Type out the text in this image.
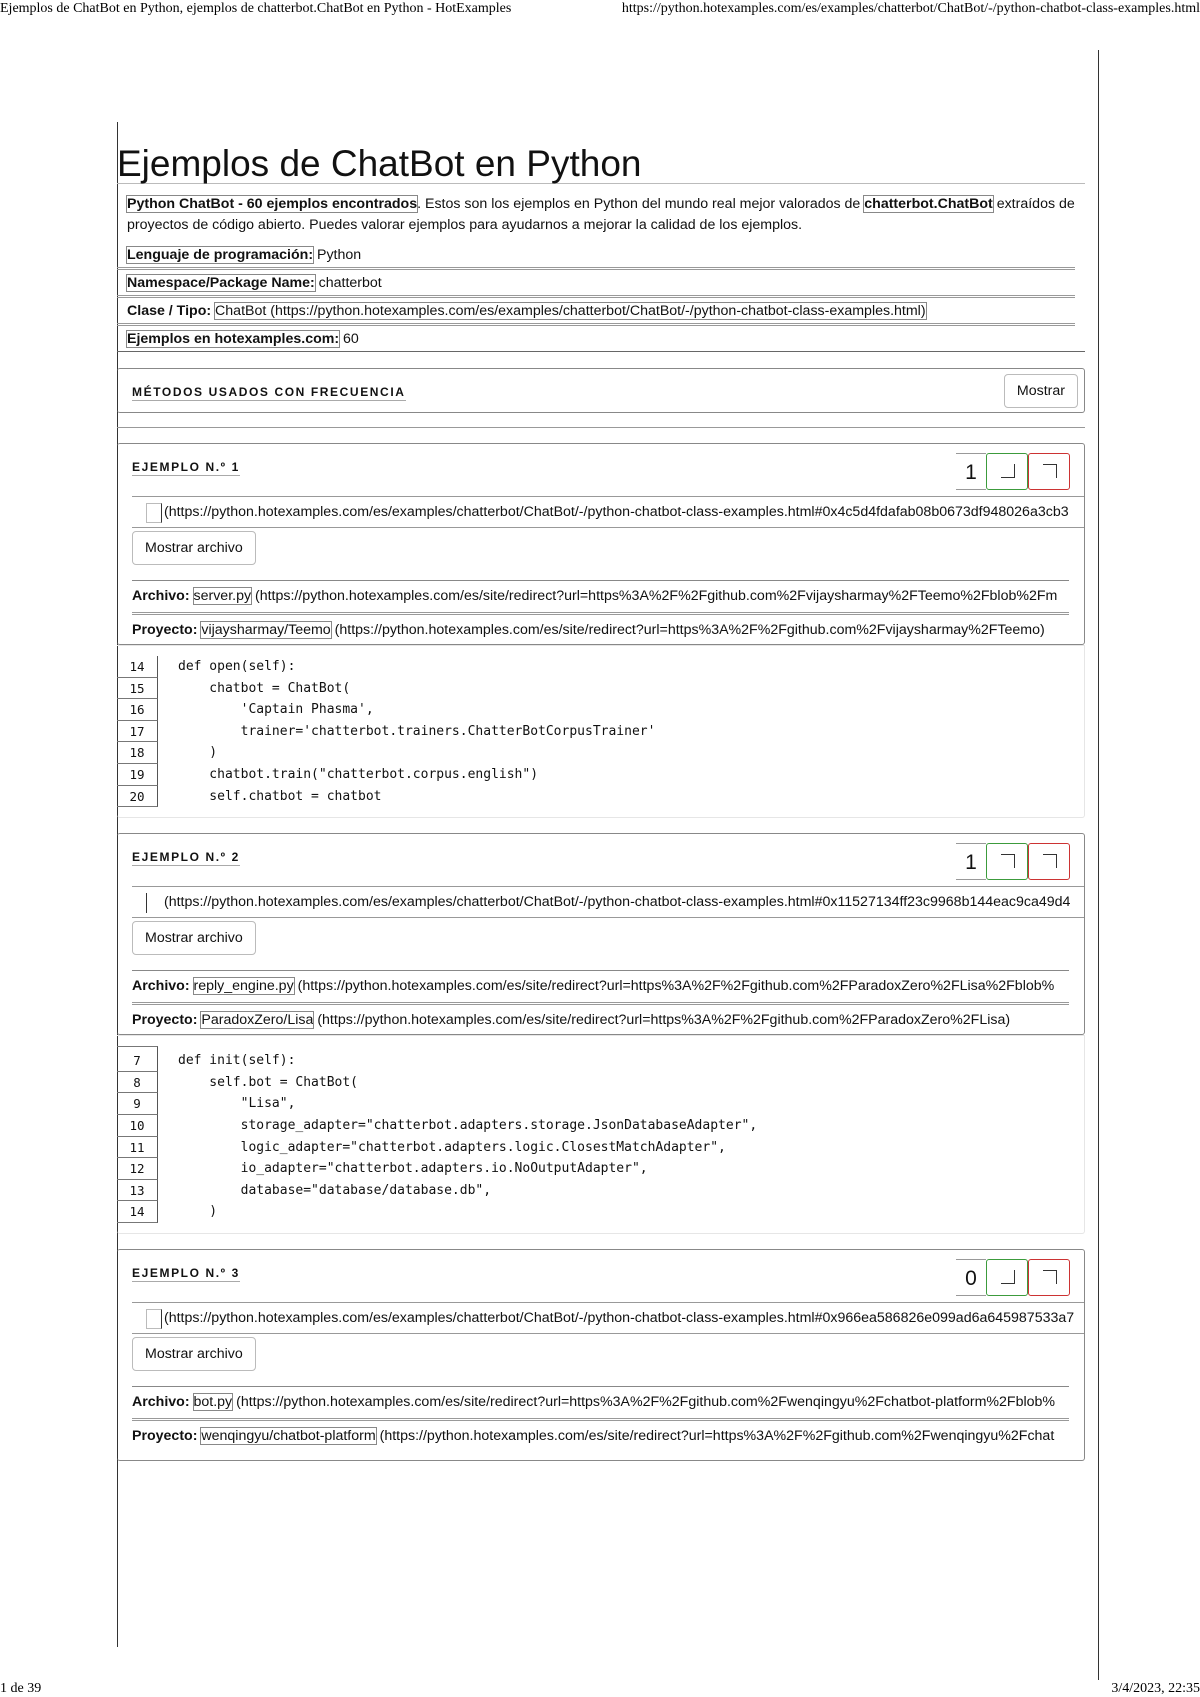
Ejemplos de ChatBot en Python, ejemplos de chatterbot.ChatBot en Python - HotExamples	https://python.hotexamples.com/es/examples/chatterbot/ChatBot/-/python-chatbot-class-examples.html
Ejemplos de ChatBot en Python
Python ChatBot - 60 ejemplos encontrados. Estos son los ejemplos en Python del mundo real mejor valorados de chatterbot.ChatBot extraídos de proyectos de código abierto. Puedes valorar ejemplos para ayudarnos a mejorar la calidad de los ejemplos.
Lenguaje de programación: Python
Namespace/Package Name: chatterbot
Clase / Tipo: ChatBot (https://python.hotexamples.com/es/examples/chatterbot/ChatBot/-/python-chatbot-class-examples.html)
Ejemplos en hotexamples.com: 60
MÉTODOS USADOS CON FRECUENCIA	Mostrar
EJEMPLO N.º 1	1
(https://python.hotexamples.com/es/examples/chatterbot/ChatBot/-/python-chatbot-class-examples.html#0x4c5d4fdafab08b0673df948026a3cb3
Mostrar archivo
Archivo: server.py (https://python.hotexamples.com/es/site/redirect?url=https%3A%2F%2Fgithub.com%2Fvijaysharmay%2FTeemo%2Fblob%2Fm
Proyecto: vijaysharmay/Teemo (https://python.hotexamples.com/es/site/redirect?url=https%3A%2F%2Fgithub.com%2Fvijaysharmay%2FTeemo)
14	def open(self):
15	chatbot = ChatBot(
16	'Captain Phasma',
17	trainer='chatterbot.trainers.ChatterBotCorpusTrainer'
18	)
19	chatbot.train("chatterbot.corpus.english")
20	self.chatbot = chatbot
EJEMPLO N.º 2	1
(https://python.hotexamples.com/es/examples/chatterbot/ChatBot/-/python-chatbot-class-examples.html#0x11527134ff23c9968b144eac9ca49d4
Mostrar archivo
Archivo: reply_engine.py (https://python.hotexamples.com/es/site/redirect?url=https%3A%2F%2Fgithub.com%2FParadoxZero%2FLisa%2Fblob%
Proyecto: ParadoxZero/Lisa (https://python.hotexamples.com/es/site/redirect?url=https%3A%2F%2Fgithub.com%2FParadoxZero%2FLisa)
7	def init(self):
8	self.bot = ChatBot(
9	"Lisa",
10	storage_adapter="chatterbot.adapters.storage.JsonDatabaseAdapter",
11	logic_adapter="chatterbot.adapters.logic.ClosestMatchAdapter",
12	io_adapter="chatterbot.adapters.io.NoOutputAdapter",
13	database="database/database.db",
14	)
EJEMPLO N.º 3	0
(https://python.hotexamples.com/es/examples/chatterbot/ChatBot/-/python-chatbot-class-examples.html#0x966ea586826e099ad6a645987533a7
Mostrar archivo
Archivo: bot.py (https://python.hotexamples.com/es/site/redirect?url=https%3A%2F%2Fgithub.com%2Fwenqingyu%2Fchatbot-platform%2Fblob%
Proyecto: wenqingyu/chatbot-platform (https://python.hotexamples.com/es/site/redirect?url=https%3A%2F%2Fgithub.com%2Fwenqingyu%2Fchat
1 de 39	3/4/2023, 22:35
